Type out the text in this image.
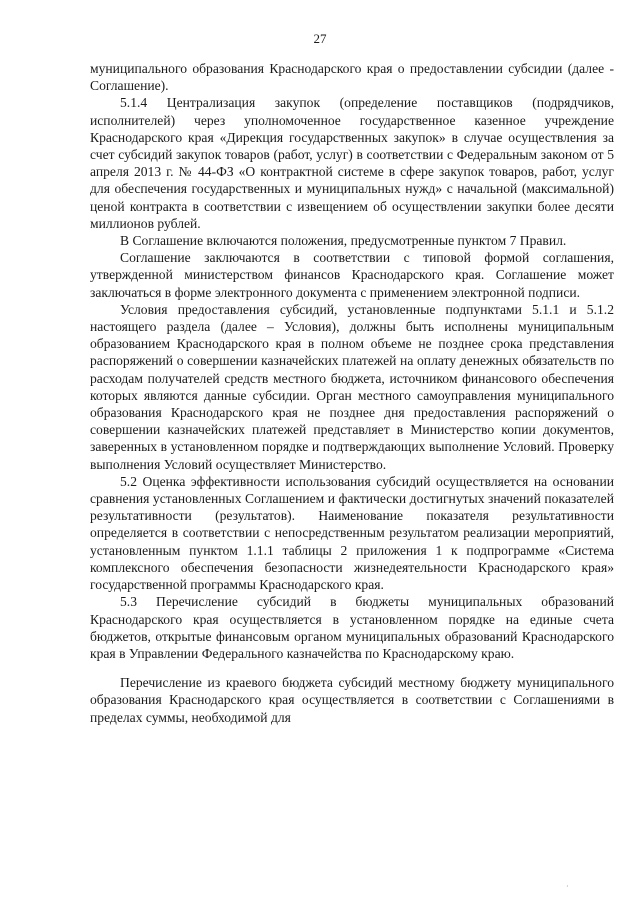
27

муниципального образования Краснодарского края о предоставлении субсидии (далее - Соглашение).

5.1.4 Централизация закупок (определение поставщиков (подрядчиков, исполнителей) через уполномоченное государственное казенное учреждение Краснодарского края «Дирекция государственных закупок» в случае осуществления за счет субсидий закупок товаров (работ, услуг) в соответствии с Федеральным законом от 5 апреля 2013 г. № 44-ФЗ «О контрактной системе в сфере закупок товаров, работ, услуг для обеспечения государственных и муниципальных нужд» с начальной (максимальной) ценой контракта в соответствии с извещением об осуществлении закупки более десяти миллионов рублей.

В Соглашение включаются положения, предусмотренные пунктом 7 Правил.

Соглашение заключаются в соответствии с типовой формой соглашения, утвержденной министерством финансов Краснодарского края. Соглашение может заключаться в форме электронного документа с применением электронной подписи.

Условия предоставления субсидий, установленные подпунктами 5.1.1 и 5.1.2 настоящего раздела (далее – Условия), должны быть исполнены муниципальным образованием Краснодарского края в полном объеме не позднее срока представления распоряжений о совершении казначейских платежей на оплату денежных обязательств по расходам получателей средств местного бюджета, источником финансового обеспечения которых являются данные субсидии. Орган местного самоуправления муниципального образования Краснодарского края не позднее дня предоставления распоряжений о совершении казначейских платежей представляет в Министерство копии документов, заверенных в установленном порядке и подтверждающих выполнение Условий. Проверку выполнения Условий осуществляет Министерство.

5.2 Оценка эффективности использования субсидий осуществляется на основании сравнения установленных Соглашением и фактически достигнутых значений показателей результативности (результатов). Наименование показателя результативности определяется в соответствии с непосредственным результатом реализации мероприятий, установленным пунктом 1.1.1 таблицы 2 приложения 1 к подпрограмме «Система комплексного обеспечения безопасности жизнедеятельности Краснодарского края» государственной программы Краснодарского края.

5.3 Перечисление субсидий в бюджеты муниципальных образований Краснодарского края осуществляется в установленном порядке на единые счета бюджетов, открытые финансовым органом муниципальных образований Краснодарского края в Управлении Федерального казначейства по Краснодарскому краю.

Перечисление из краевого бюджета субсидий местному бюджету муниципального образования Краснодарского края осуществляется в соответствии с Соглашениями в пределах суммы, необходимой для

·
